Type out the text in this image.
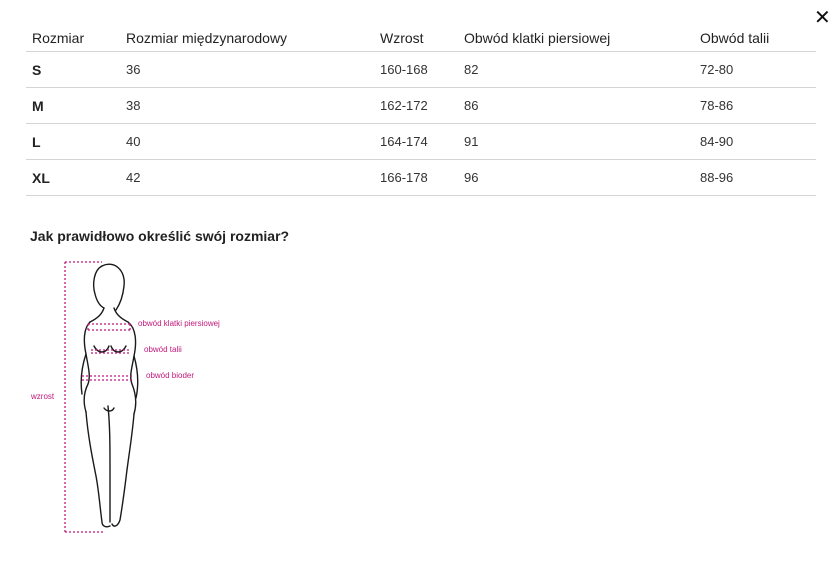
✕
Rozmiar	Rozmiar międzynarodowy	Wzrost	Obwód klatki piersiowej	Obwód talii
S	36	160-168	82	72-80
M	38	162-172	86	78-86
L	40	164-174	91	84-90
XL	42	166-178	96	88-96
Jak prawidłowo określić swój rozmiar?
obwód klatki piersiowej
obwód talii
obwód bioder
wzrost
